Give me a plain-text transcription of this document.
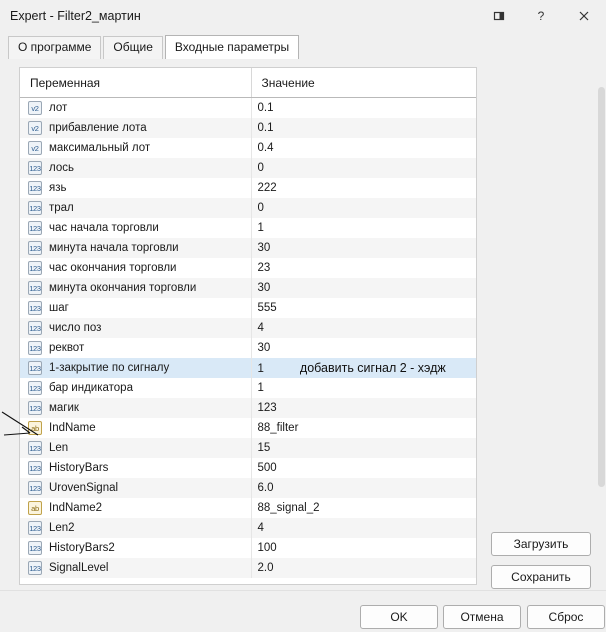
Expert - Filter2_мартин	?
О программе	Общие	Входные параметры
Переменная	Значение

v2 лот	0.1

v2 прибавление лота	0.1

v2 максимальный лот	0.4

123 лось	0

123 язь	222

123 трал	0

123 час начала торговли	1

123 минута начала торговли	30

123 час окончания торговли	23

123 минута окончания торговли	30

123 шаг	555

123 число поз	4

123 реквот	30

123 1-закрытие по сигналу	1 добавить сигнал 2 - хэдж

123 бар индикатора	1

123 магик	123

ab IndName	88_filter

123 Len	15

123 HistoryBars	500

123 UrovenSignal	6.0

ab IndName2	88_signal_2

123 Len2	4

123 HistoryBars2	100

123 SignalLevel	2.0
Загрузить
Сохранить
OK	Отмена	Сброс
